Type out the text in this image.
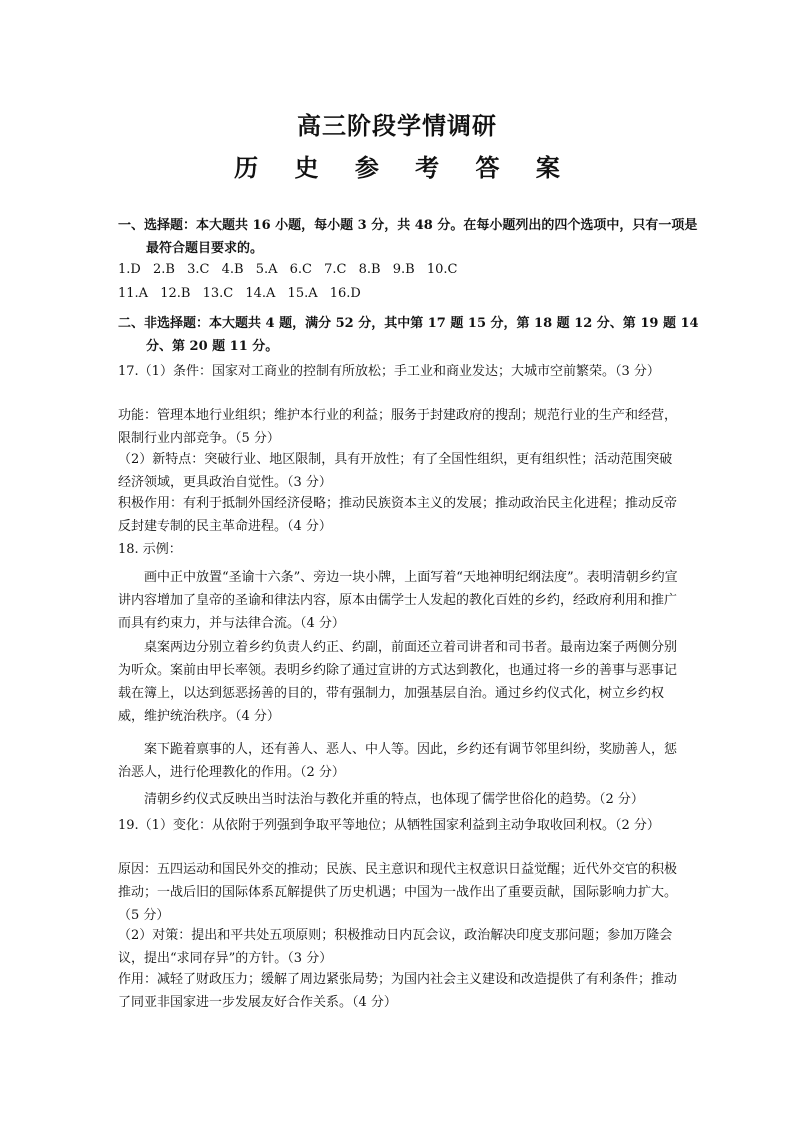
高三阶段学情调研
历 史 参 考 答 案
一、选择题：本大题共 16 小题，每小题 3 分，共 48 分。在每小题列出的四个选项中，只有一项是最符合题目要求的。
1.D 2.B 3.C 4.B 5.A 6.C 7.C 8.B 9.B 10.C
11.A 12.B 13.C 14.A 15.A 16.D
二、非选择题：本大题共 4 题，满分 52 分，其中第 17 题 15 分，第 18 题 12 分、第 19 题 14 分、第 20 题 11 分。
17.（1）条件：国家对工商业的控制有所放松；手工业和商业发达；大城市空前繁荣。（3 分）
功能：管理本地行业组织；维护本行业的利益；服务于封建政府的搜刮；规范行业的生产和经营，限制行业内部竞争。（5 分）
（2）新特点：突破行业、地区限制，具有开放性；有了全国性组织，更有组织性；活动范围突破经济领域，更具政治自觉性。（3 分）
积极作用：有利于抵制外国经济侵略；推动民族资本主义的发展；推动政治民主化进程；推动反帝反封建专制的民主革命进程。（4 分）
18. 示例：
画中正中放置“圣谕十六条”、旁边一块小牌，上面写着“天地神明纪纲法度”。表明清朝乡约宣讲内容增加了皇帝的圣谕和律法内容，原本由儒学士人发起的教化百姓的乡约，经政府利用和推广而具有约束力，并与法律合流。（4 分）
桌案两边分别立着乡约负责人约正、约副，前面还立着司讲者和司书者。最南边案子两侧分别为听众。案前由甲长率领。表明乡约除了通过宣讲的方式达到教化，也通过将一乡的善事与恶事记载在簿上，以达到惩恶扬善的目的，带有强制力，加强基层自治。通过乡约仪式化，树立乡约权威，维护统治秩序。（4 分）
案下跪着禀事的人，还有善人、恶人、中人等。因此，乡约还有调节邻里纠纷，奖励善人，惩治恶人，进行伦理教化的作用。（2 分）
清朝乡约仪式反映出当时法治与教化并重的特点，也体现了儒学世俗化的趋势。（2 分）
19.（1）变化：从依附于列强到争取平等地位；从牺牲国家利益到主动争取收回利权。（2 分）
原因：五四运动和国民外交的推动；民族、民主意识和现代主权意识日益觉醒；近代外交官的积极推动；一战后旧的国际体系瓦解提供了历史机遇；中国为一战作出了重要贡献，国际影响力扩大。（5 分）
（2）对策：提出和平共处五项原则；积极推动日内瓦会议，政治解决印度支那问题；参加万隆会议，提出“求同存异”的方针。（3 分）
作用：减轻了财政压力；缓解了周边紧张局势；为国内社会主义建设和改造提供了有利条件；推动了同亚非国家进一步发展友好合作关系。（4 分）
